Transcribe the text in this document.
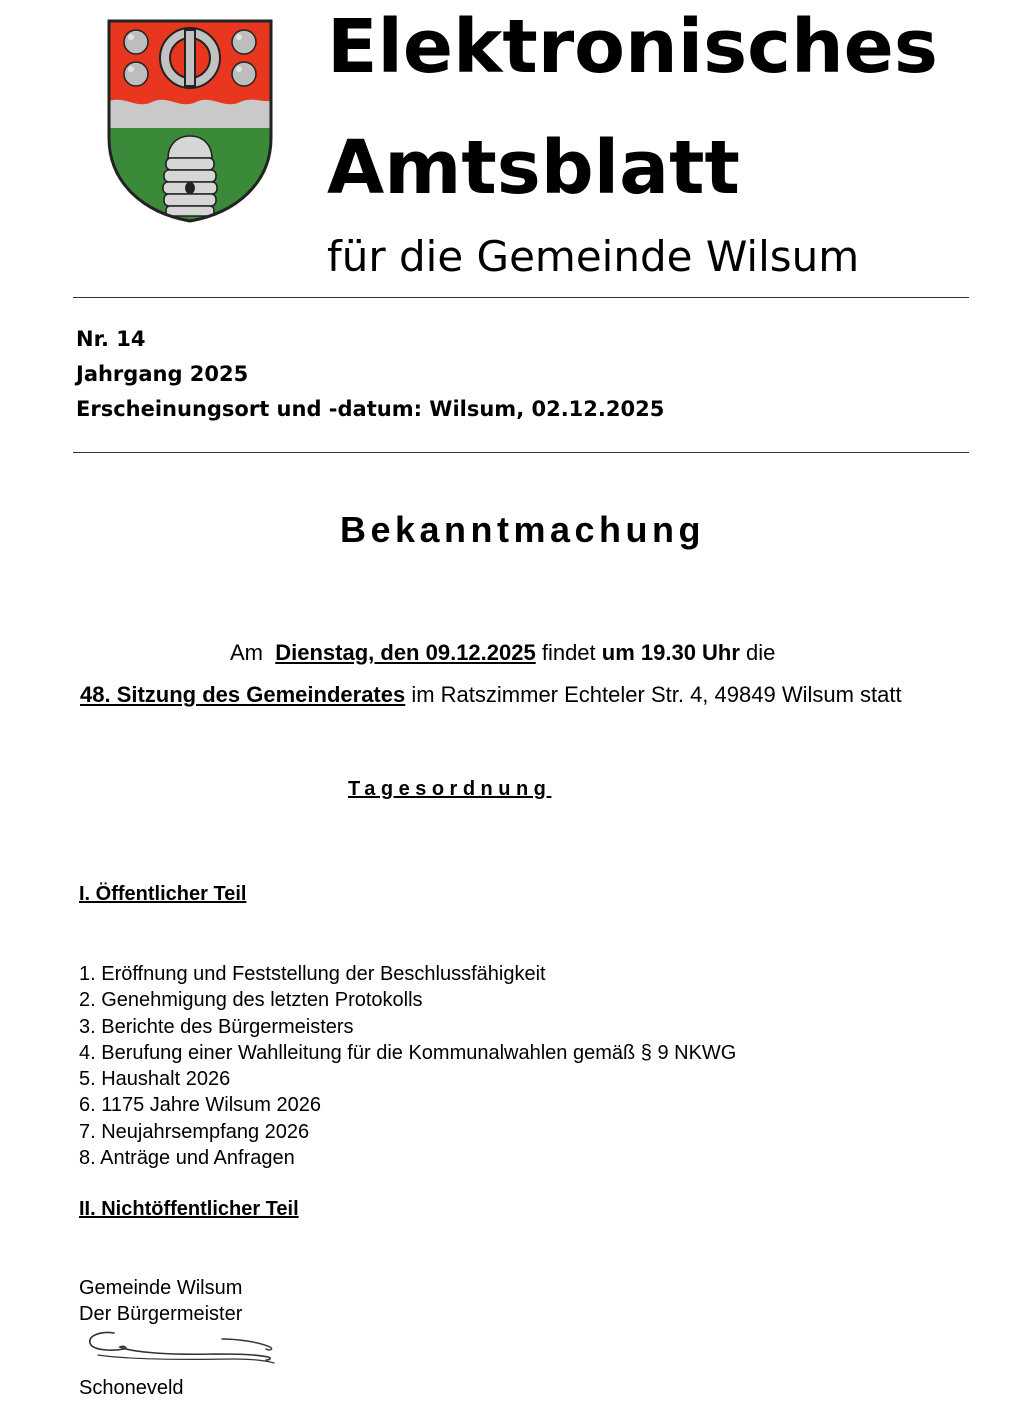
Elektronisches
Amtsblatt
für die Gemeinde Wilsum
Nr. 14
Jahrgang 2025
Erscheinungsort und -datum: Wilsum, 02.12.2025
Bekanntmachung
Am  Dienstag, den 09.12.2025 findet um 19.30 Uhr die
48. Sitzung des Gemeinderates im Ratszimmer Echteler Str. 4, 49849 Wilsum statt
Tagesordnung
I. Öffentlicher Teil
1. Eröffnung und Feststellung der Beschlussfähigkeit
2. Genehmigung des letzten Protokolls
3. Berichte des Bürgermeisters
4. Berufung einer Wahlleitung für die Kommunalwahlen gemäß § 9 NKWG
5. Haushalt 2026
6. 1175 Jahre Wilsum 2026
7. Neujahrsempfang 2026
8. Anträge und Anfragen
II. Nichtöffentlicher Teil
Gemeinde Wilsum
Der Bürgermeister
Schoneveld
